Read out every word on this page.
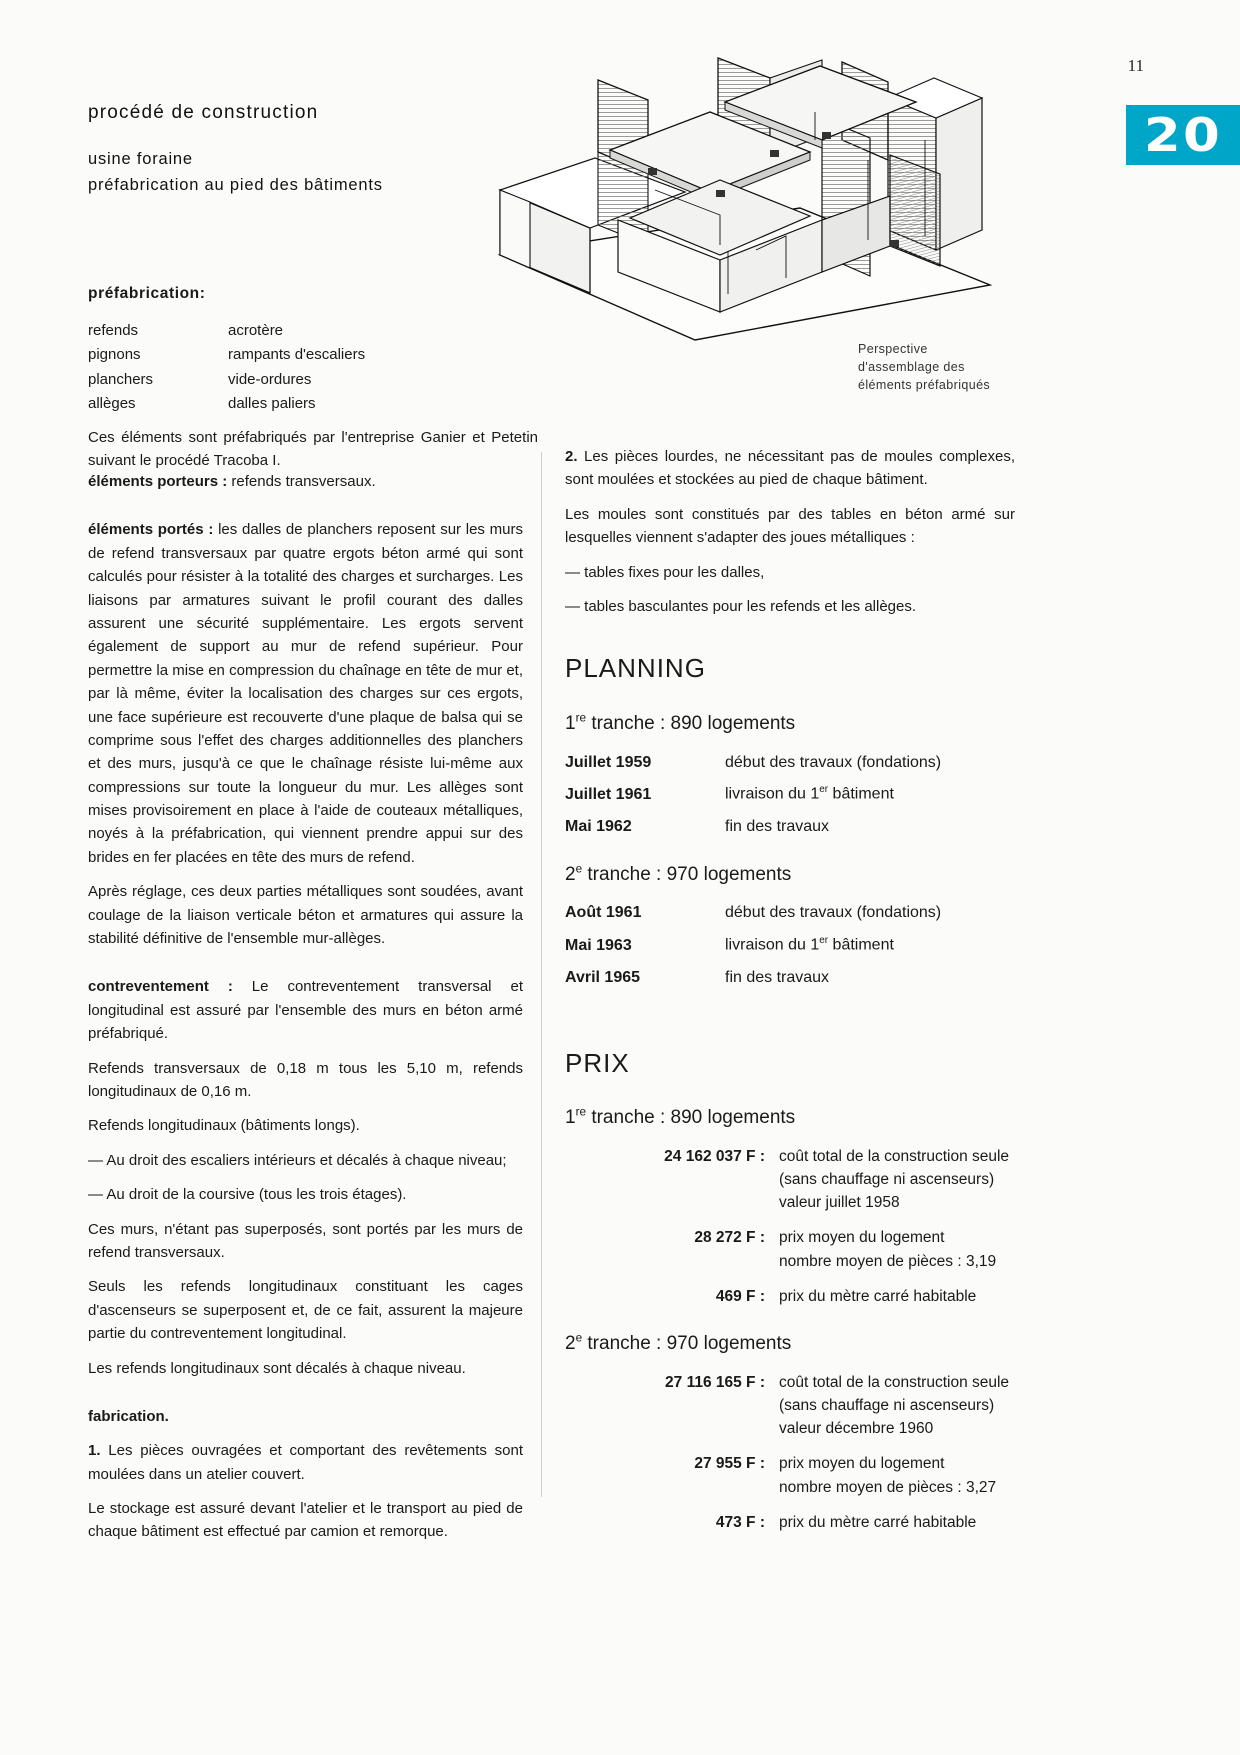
11
20
procédé de construction
usine foraine
préfabrication au pied des bâtiments
Perspective
d'assemblage des
éléments préfabriqués
préfabrication:
refends	acrotère
pignons	rampants d'escaliers
planchers	vide-ordures
allèges	dalles paliers
Ces éléments sont préfabriqués par l'entreprise Ganier et Petetin suivant le procédé Tracoba I.

éléments porteurs : refends transversaux.

éléments portés : les dalles de planchers reposent sur les murs de refend transversaux par quatre ergots béton armé qui sont calculés pour résister à la totalité des charges et surcharges. Les liaisons par armatures suivant le profil courant des dalles assurent une sécurité supplémentaire. Les ergots servent également de support au mur de refend supérieur. Pour permettre la mise en compression du chaînage en tête de mur et, par là même, éviter la localisation des charges sur ces ergots, une face supérieure est recouverte d'une plaque de balsa qui se comprime sous l'effet des charges additionnelles des planchers et des murs, jusqu'à ce que le chaînage résiste lui-même aux compressions sur toute la longueur du mur. Les allèges sont mises provisoirement en place à l'aide de couteaux métalliques, noyés à la préfabrication, qui viennent prendre appui sur des brides en fer placées en tête des murs de refend.

Après réglage, ces deux parties métalliques sont soudées, avant coulage de la liaison verticale béton et armatures qui assure la stabilité définitive de l'ensemble mur-allèges.

contreventement : Le contreventement transversal et longitudinal est assuré par l'ensemble des murs en béton armé préfabriqué.

Refends transversaux de 0,18 m tous les 5,10 m, refends longitudinaux de 0,16 m.

Refends longitudinaux (bâtiments longs).

— Au droit des escaliers intérieurs et décalés à chaque niveau;

— Au droit de la coursive (tous les trois étages).

Ces murs, n'étant pas superposés, sont portés par les murs de refend transversaux.

Seuls les refends longitudinaux constituant les cages d'ascenseurs se superposent et, de ce fait, assurent la majeure partie du contreventement longitudinal.

Les refends longitudinaux sont décalés à chaque niveau.

fabrication.

1. Les pièces ouvragées et comportant des revêtements sont moulées dans un atelier couvert.

Le stockage est assuré devant l'atelier et le transport au pied de chaque bâtiment est effectué par camion et remorque.

2. Les pièces lourdes, ne nécessitant pas de moules complexes, sont moulées et stockées au pied de chaque bâtiment.

Les moules sont constitués par des tables en béton armé sur lesquelles viennent s'adapter des joues métalliques :

— tables fixes pour les dalles,

— tables basculantes pour les refends et les allèges.

PLANNING
1re tranche : 890 logements
Juillet 1959	début des travaux (fondations)
Juillet 1961	livraison du 1er bâtiment
Mai 1962	fin des travaux
2e tranche : 970 logements
Août 1961	début des travaux (fondations)
Mai 1963	livraison du 1er bâtiment
Avril 1965	fin des travaux
PRIX
1re tranche : 890 logements
24 162 037 F : coût total de la construction seule
(sans chauffage ni ascenseurs)
valeur juillet 1958
28 272 F : prix moyen du logement
nombre moyen de pièces : 3,19
469 F : prix du mètre carré habitable
2e tranche : 970 logements
27 116 165 F : coût total de la construction seule
(sans chauffage ni ascenseurs)
valeur décembre 1960
27 955 F : prix moyen du logement
nombre moyen de pièces : 3,27
473 F : prix du mètre carré habitable
